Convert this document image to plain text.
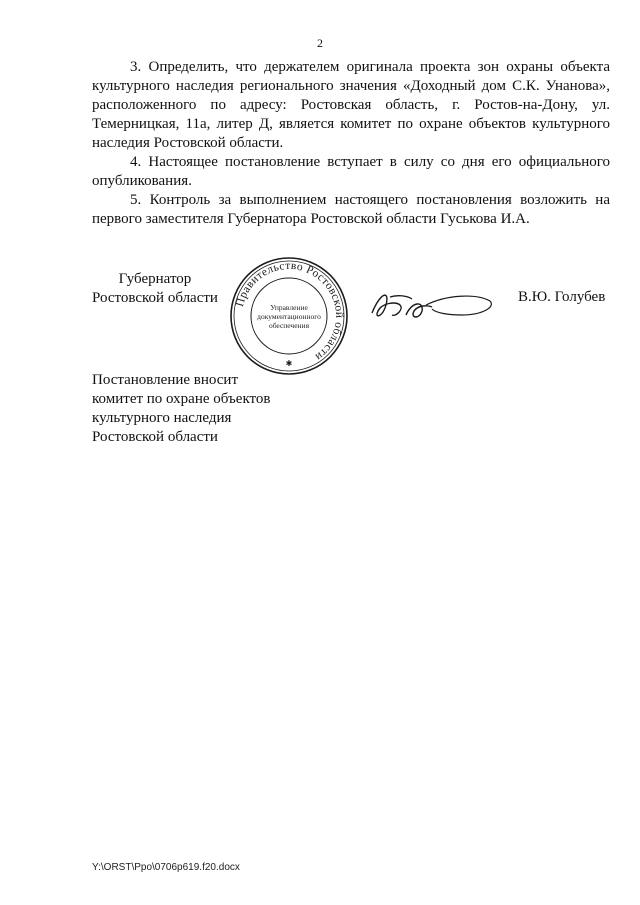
2

3. Определить, что держателем оригинала проекта зон охраны объекта культурного наследия регионального значения «Доходный дом С.К. Унанова», расположенного по адресу: Ростовская область, г. Ростов-на-Дону, ул. Темерницкая, 11а, литер Д, является комитет по охране объектов культурного наследия Ростовской области.

4. Настоящее постановление вступает в силу со дня его официального опубликования.

5. Контроль за выполнением настоящего постановления возложить на первого заместителя Губернатора Ростовской области Гуськова И.А.

Губернатор
Ростовской области Правительство Ростовской области
Управление
документационного
обеспечения
✱
В.Ю. Голубев
Постановление вносит
комитет по охране объектов
культурного наследия
Ростовской области
Y:\ORST\Ppo\0706p619.f20.docx
